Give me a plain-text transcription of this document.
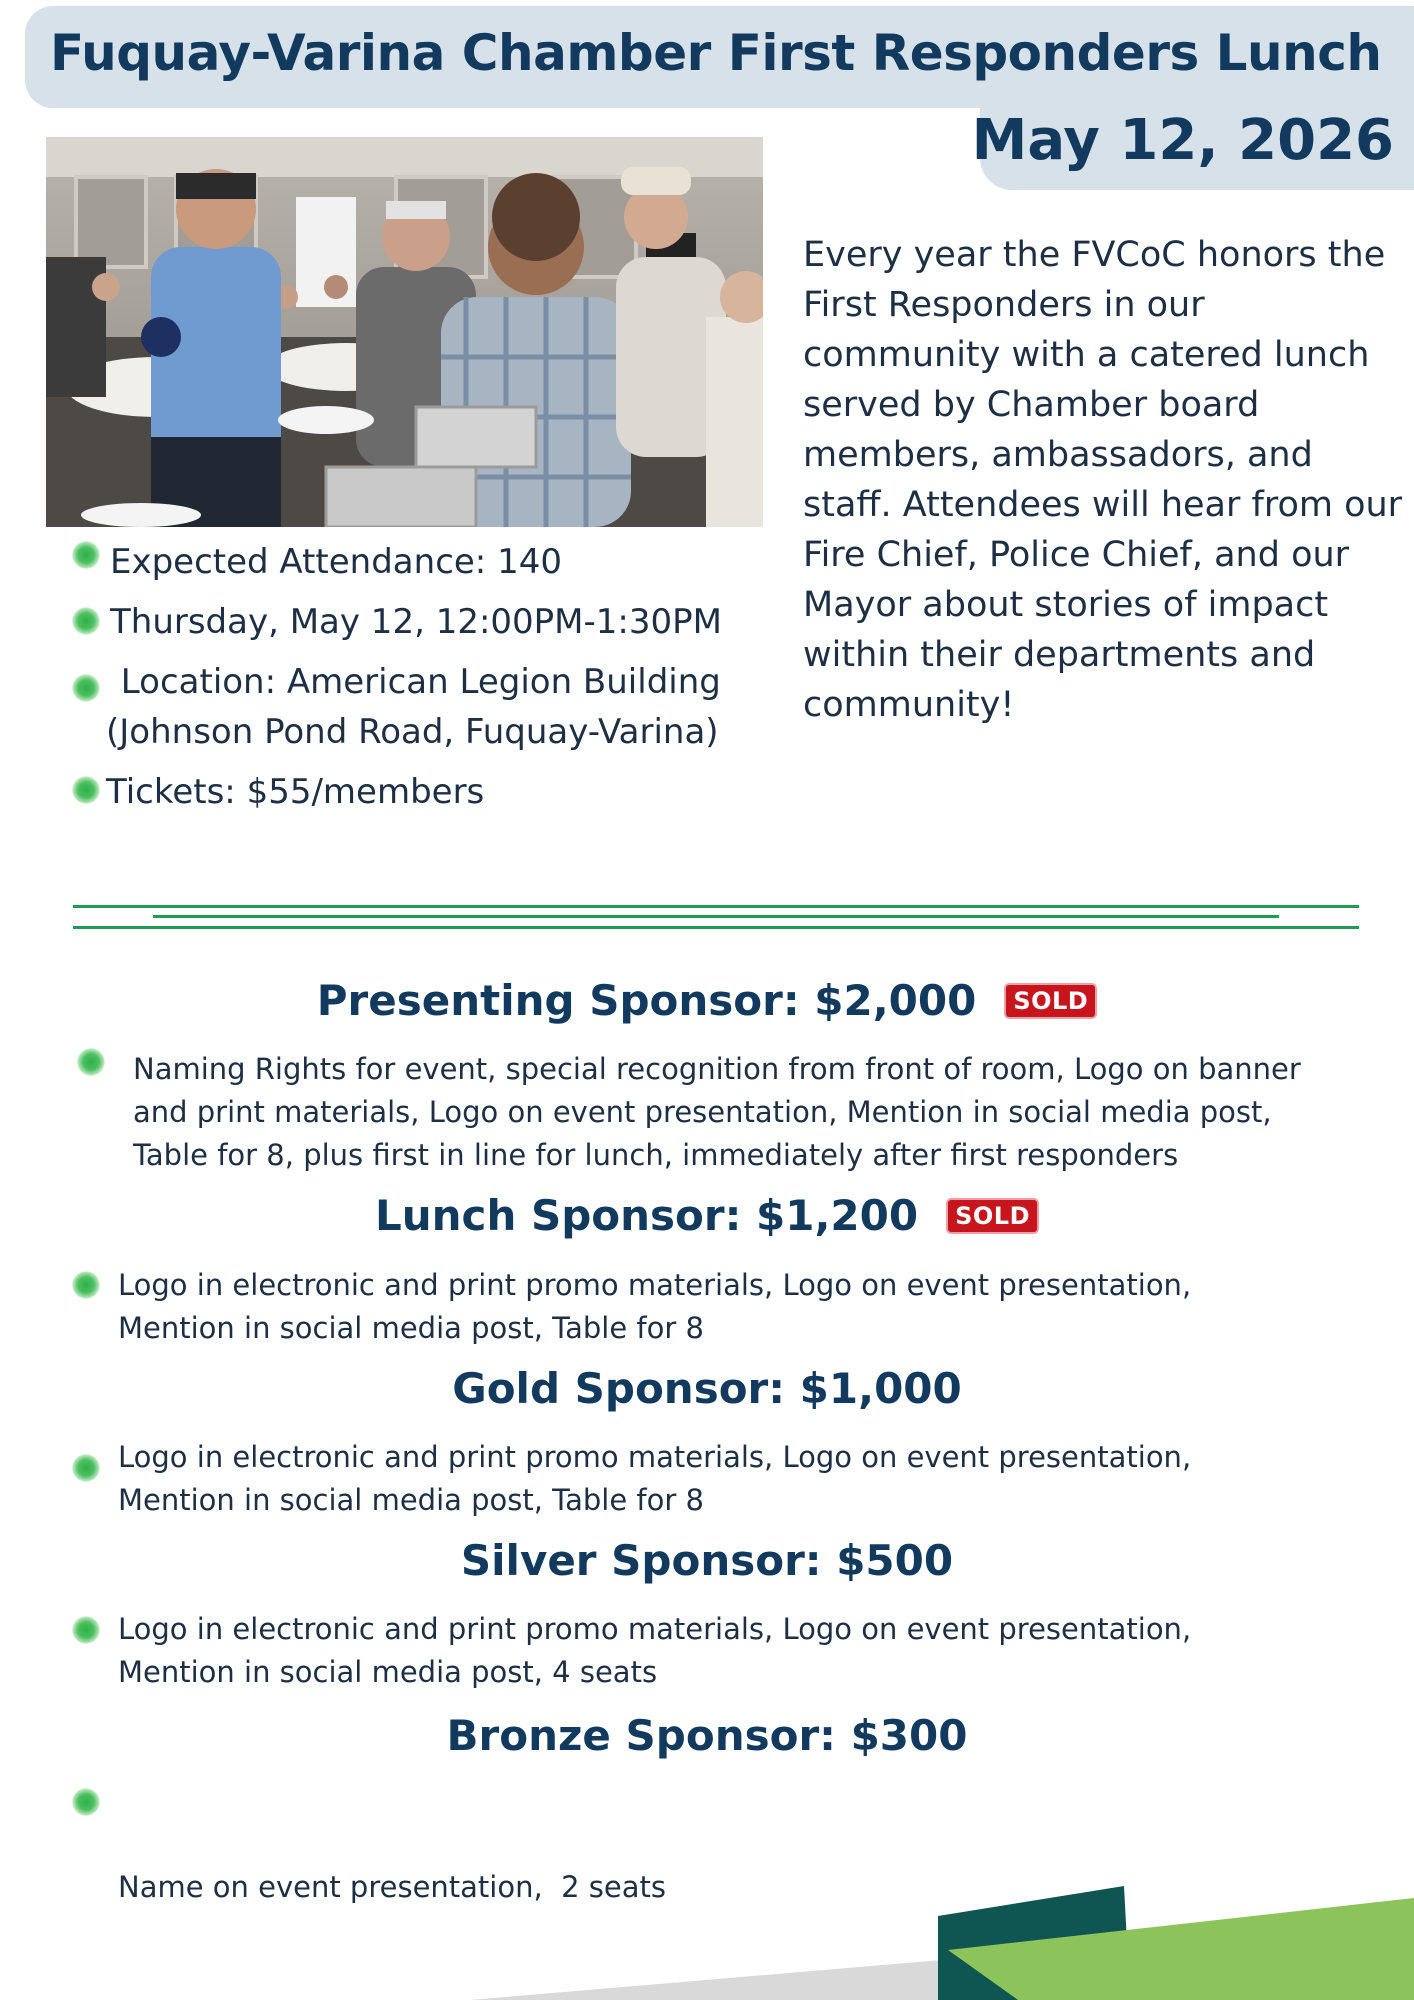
Fuquay-Varina Chamber First Responders Lunch
May 12, 2026
Every year the FVCoC honors the First Responders in our community with a catered lunch served by Chamber board members, ambassadors, and staff. Attendees will hear from our Fire Chief, Police Chief, and our Mayor about stories of impact within their departments and community!
Expected Attendance: 140
Thursday, May 12, 12:00PM-1:30PM
Location: American Legion Building
(Johnson Pond Road, Fuquay-Varina)
Tickets: $55/members
Presenting Sponsor: $2,000 SOLD
Naming Rights for event, special recognition from front of room, Logo on banner
and print materials, Logo on event presentation, Mention in social media post,
Table for 8, plus first in line for lunch, immediately after first responders
Lunch Sponsor: $1,200 SOLD
Logo in electronic and print promo materials, Logo on event presentation,
Mention in social media post, Table for 8
Gold Sponsor: $1,000
Logo in electronic and print promo materials, Logo on event presentation,
Mention in social media post, Table for 8
Silver Sponsor: $500
Logo in electronic and print promo materials, Logo on event presentation,
Mention in social media post, 4 seats
Bronze Sponsor: $300

Name on event presentation,  2 seats
